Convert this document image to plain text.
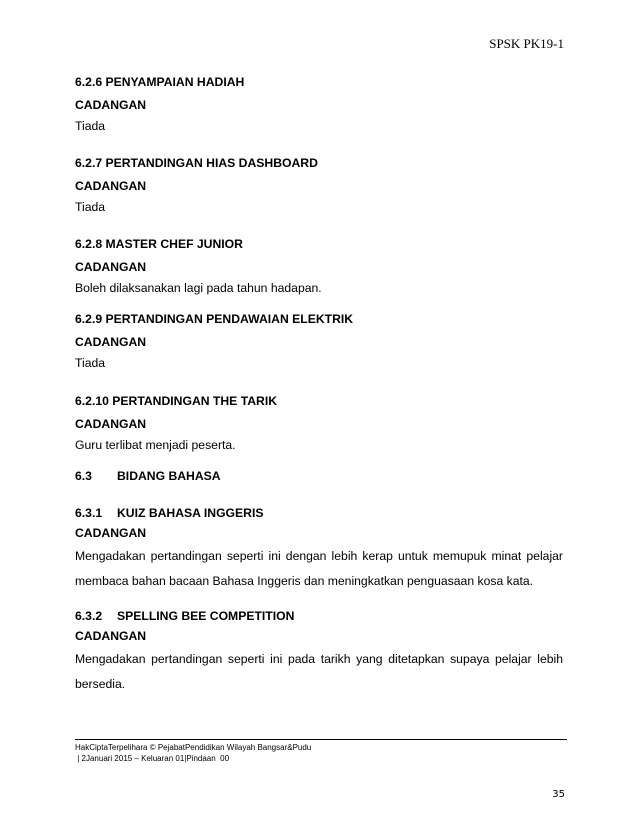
SPSK PK19-1
6.2.6 PENYAMPAIAN HADIAH
CADANGAN
Tiada
6.2.7 PERTANDINGAN HIAS DASHBOARD
CADANGAN
Tiada
6.2.8 MASTER CHEF JUNIOR
CADANGAN
Boleh dilaksanakan lagi pada tahun hadapan.
6.2.9 PERTANDINGAN PENDAWAIAN ELEKTRIK
CADANGAN
Tiada
6.2.10 PERTANDINGAN THE TARIK
CADANGAN
Guru terlibat menjadi peserta.
6.3 BIDANG BAHASA
6.3.1 KUIZ BAHASA INGGERIS
CADANGAN
Mengadakan pertandingan seperti ini dengan lebih kerap untuk memupuk minat pelajar membaca bahan bacaan Bahasa Inggeris dan meningkatkan penguasaan kosa kata.
6.3.2 SPELLING BEE COMPETITION
CADANGAN
Mengadakan pertandingan seperti ini pada tarikh yang ditetapkan supaya pelajar lebih bersedia.
HakCiptaTerpelihara © PejabatPendidikan Wilayah Bangsar&Pudu
| 2Januari 2015 – Keluaran 01|Pindaan  00
35
